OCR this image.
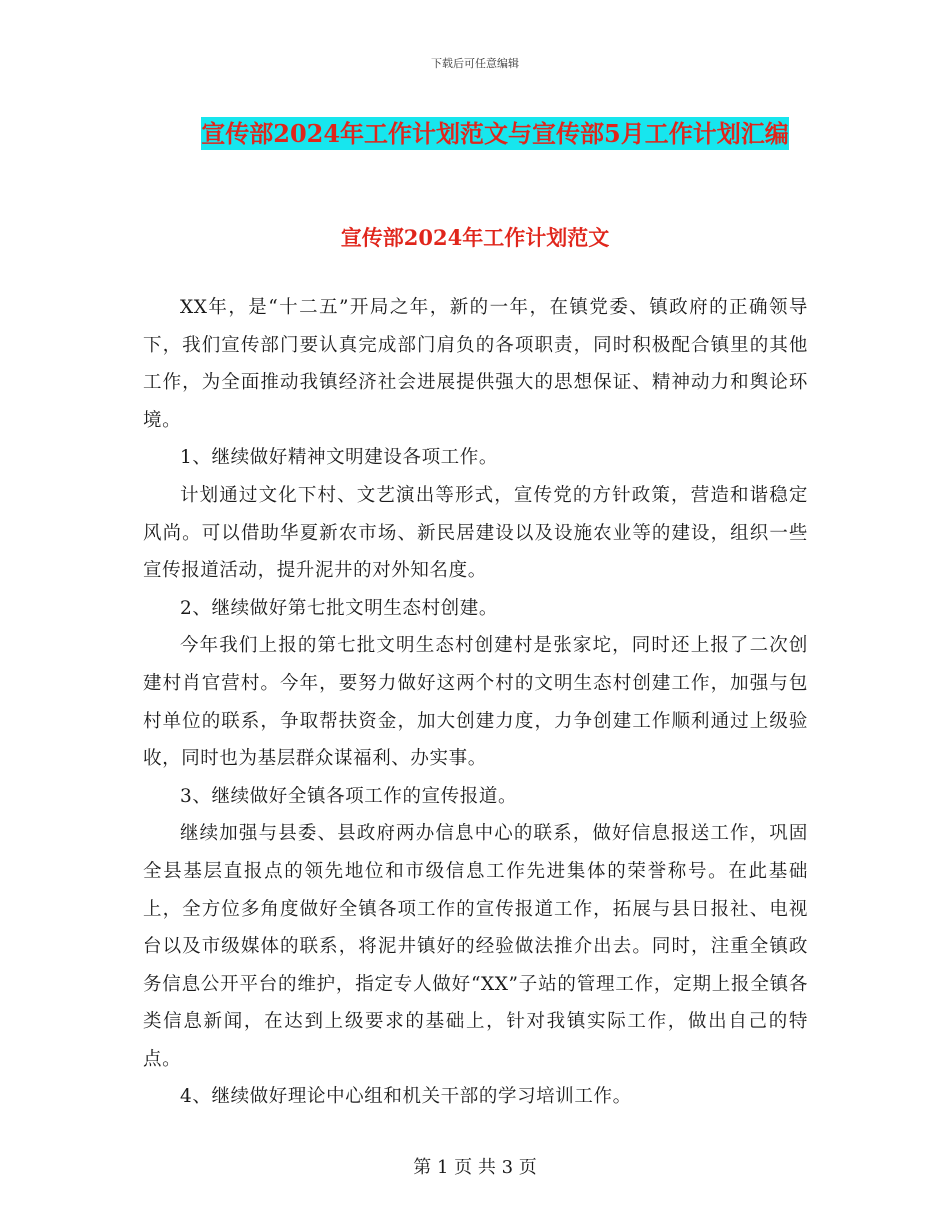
下载后可任意编辑
宣传部2024年工作计划范文与宣传部5月工作计划汇编
宣传部2024年工作计划范文

XX年，是“十二五”开局之年，新的一年，在镇党委、镇政府的正确领导下，我们宣传部门要认真完成部门肩负的各项职责，同时积极配合镇里的其他工作，为全面推动我镇经济社会进展提供强大的思想保证、精神动力和舆论环境。

1、继续做好精神文明建设各项工作。

计划通过文化下村、文艺演出等形式，宣传党的方针政策，营造和谐稳定风尚。可以借助华夏新农市场、新民居建设以及设施农业等的建设，组织一些宣传报道活动，提升泥井的对外知名度。

2、继续做好第七批文明生态村创建。

今年我们上报的第七批文明生态村创建村是张家坨，同时还上报了二次创建村肖官营村。今年，要努力做好这两个村的文明生态村创建工作，加强与包村单位的联系，争取帮扶资金，加大创建力度，力争创建工作顺利通过上级验收，同时也为基层群众谋福利、办实事。

3、继续做好全镇各项工作的宣传报道。

继续加强与县委、县政府两办信息中心的联系，做好信息报送工作，巩固全县基层直报点的领先地位和市级信息工作先进集体的荣誉称号。在此基础上，全方位多角度做好全镇各项工作的宣传报道工作，拓展与县日报社、电视台以及市级媒体的联系，将泥井镇好的经验做法推介出去。同时，注重全镇政务信息公开平台的维护，指定专人做好“XX”子站的管理工作，定期上报全镇各类信息新闻，在达到上级要求的基础上，针对我镇实际工作，做出自己的特点。

4、继续做好理论中心组和机关干部的学习培训工作。

第 1 页 共 3 页
